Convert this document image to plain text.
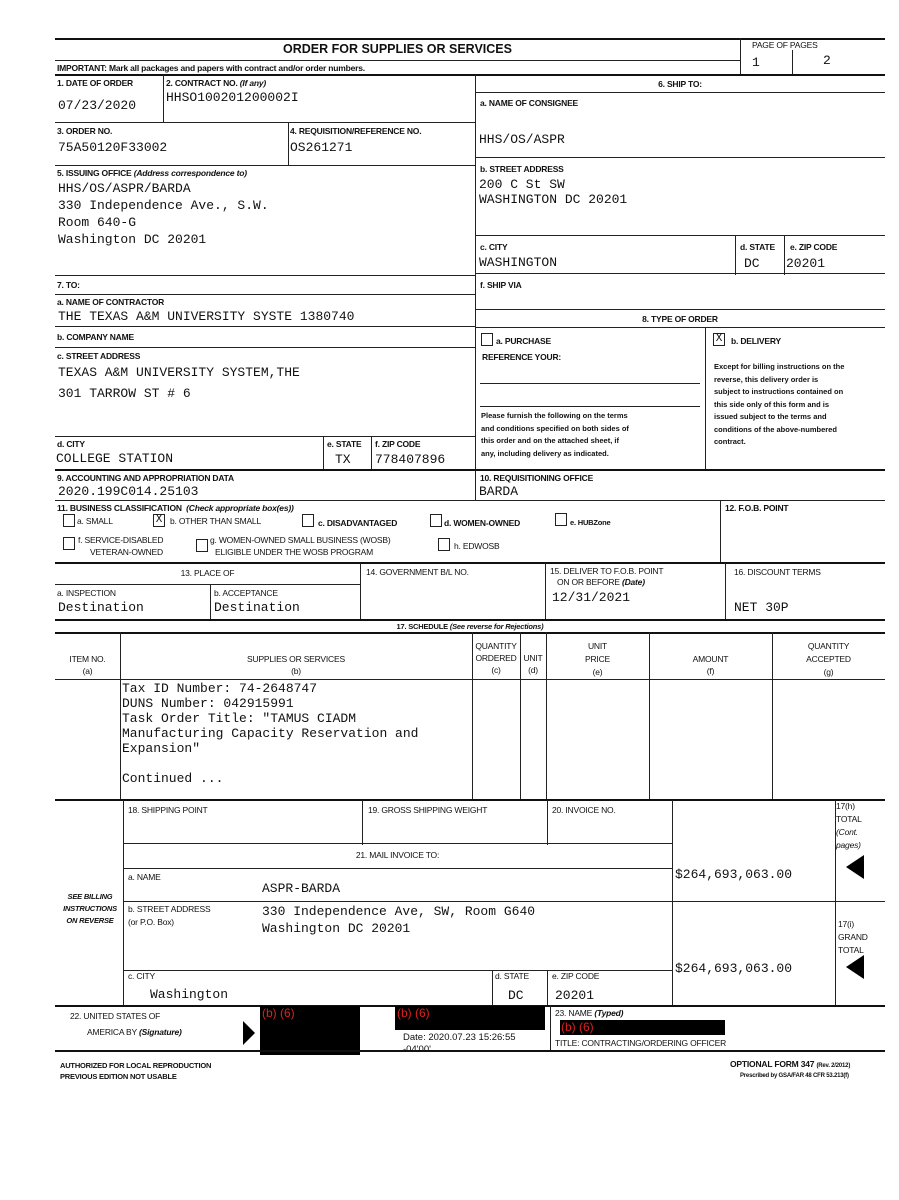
ORDER FOR SUPPLIES OR SERVICES
IMPORTANT: Mark all packages and papers with contract and/or order numbers.
PAGE OF PAGES
1	2
1. DATE OF ORDER
07/23/2020
2. CONTRACT NO. (If any)
HHSO100201200002I
3. ORDER NO.
75A50120F33002
4. REQUISITION/REFERENCE NO.
OS261271
5. ISSUING OFFICE (Address correspondence to)
HHS/OS/ASPR/BARDA
330 Independence Ave., S.W.
Room 640-G
Washington DC 20201
7. TO:
a. NAME OF CONTRACTOR
THE TEXAS A&M UNIVERSITY SYSTE 1380740
b. COMPANY NAME
c. STREET ADDRESS
TEXAS A&M UNIVERSITY SYSTEM,THE
301 TARROW ST # 6
d. CITY
COLLEGE STATION
e. STATE
TX
f. ZIP CODE
778407896
6. SHIP TO:
a. NAME OF CONSIGNEE
HHS/OS/ASPR
b. STREET ADDRESS
200 C St SW
WASHINGTON DC 20201
c. CITY
WASHINGTON
d. STATE
DC
e. ZIP CODE
20201
f. SHIP VIA
8. TYPE OF ORDER
a. PURCHASE
REFERENCE YOUR:
Please furnish the following on the terms
and conditions specified on both sides of
this order and on the attached sheet, if
any, including delivery as indicated.
X	b. DELIVERY
Except for billing instructions on the
reverse, this delivery order is
subject to instructions contained on
this side only of this form and is
issued subject to the terms and
conditions of the above-numbered
contract.
9. ACCOUNTING AND APPROPRIATION DATA
2020.199C014.25103
10. REQUISITIONING OFFICE
BARDA
11. BUSINESS CLASSIFICATION (Check appropriate box(es))
a. SMALL	X b. OTHER THAN SMALL	c. DISADVANTAGED	d. WOMEN-OWNED	e. HUBZone
f. SERVICE-DISABLED
VETERAN-OWNED
g. WOMEN-OWNED SMALL BUSINESS (WOSB)
ELIGIBLE UNDER THE WOSB PROGRAM
h. EDWOSB
12. F.O.B. POINT
13. PLACE OF
a. INSPECTION
Destination
b. ACCEPTANCE
Destination
14. GOVERNMENT B/L NO.	15. DELIVER TO F.O.B. POINT
ON OR BEFORE (Date)
12/31/2021
16. DISCOUNT TERMS
NET 30P
17. SCHEDULE (See reverse for Rejections)
ITEM NO.
(a)
SUPPLIES OR SERVICES
(b)
QUANTITY
ORDERED
(c)
UNIT
(d)
UNIT
PRICE
(e)
AMOUNT
(f)
QUANTITY
ACCEPTED
(g)
Tax ID Number: 74-2648747
DUNS Number: 042915991
Task Order Title: "TAMUS CIADM
Manufacturing Capacity Reservation and
Expansion"
Continued ...
18. SHIPPING POINT	19. GROSS SHIPPING WEIGHT	20. INVOICE NO.
21. MAIL INVOICE TO:
a. NAME
ASPR-BARDA
b. STREET ADDRESS
(or P.O. Box)
330 Independence Ave, SW, Room G640
Washington DC 20201
c. CITY
Washington
d. STATE
DC
e. ZIP CODE
20201
SEE BILLING
INSTRUCTIONS
ON REVERSE
$264,693,063.00
17(h)
TOTAL
(Cont.
pages)
$264,693,063.00
17(i)
GRAND
TOTAL
22. UNITED STATES OF
AMERICA BY (Signature)
(b) (6)	(b) (6)
Date: 2020.07.23 15:26:55
-04'00'
23. NAME (Typed)
(b) (6)
TITLE: CONTRACTING/ORDERING OFFICER
AUTHORIZED FOR LOCAL REPRODUCTION
PREVIOUS EDITION NOT USABLE
OPTIONAL FORM 347 (Rev. 2/2012)
Prescribed by GSA/FAR 48 CFR 53.213(f)
